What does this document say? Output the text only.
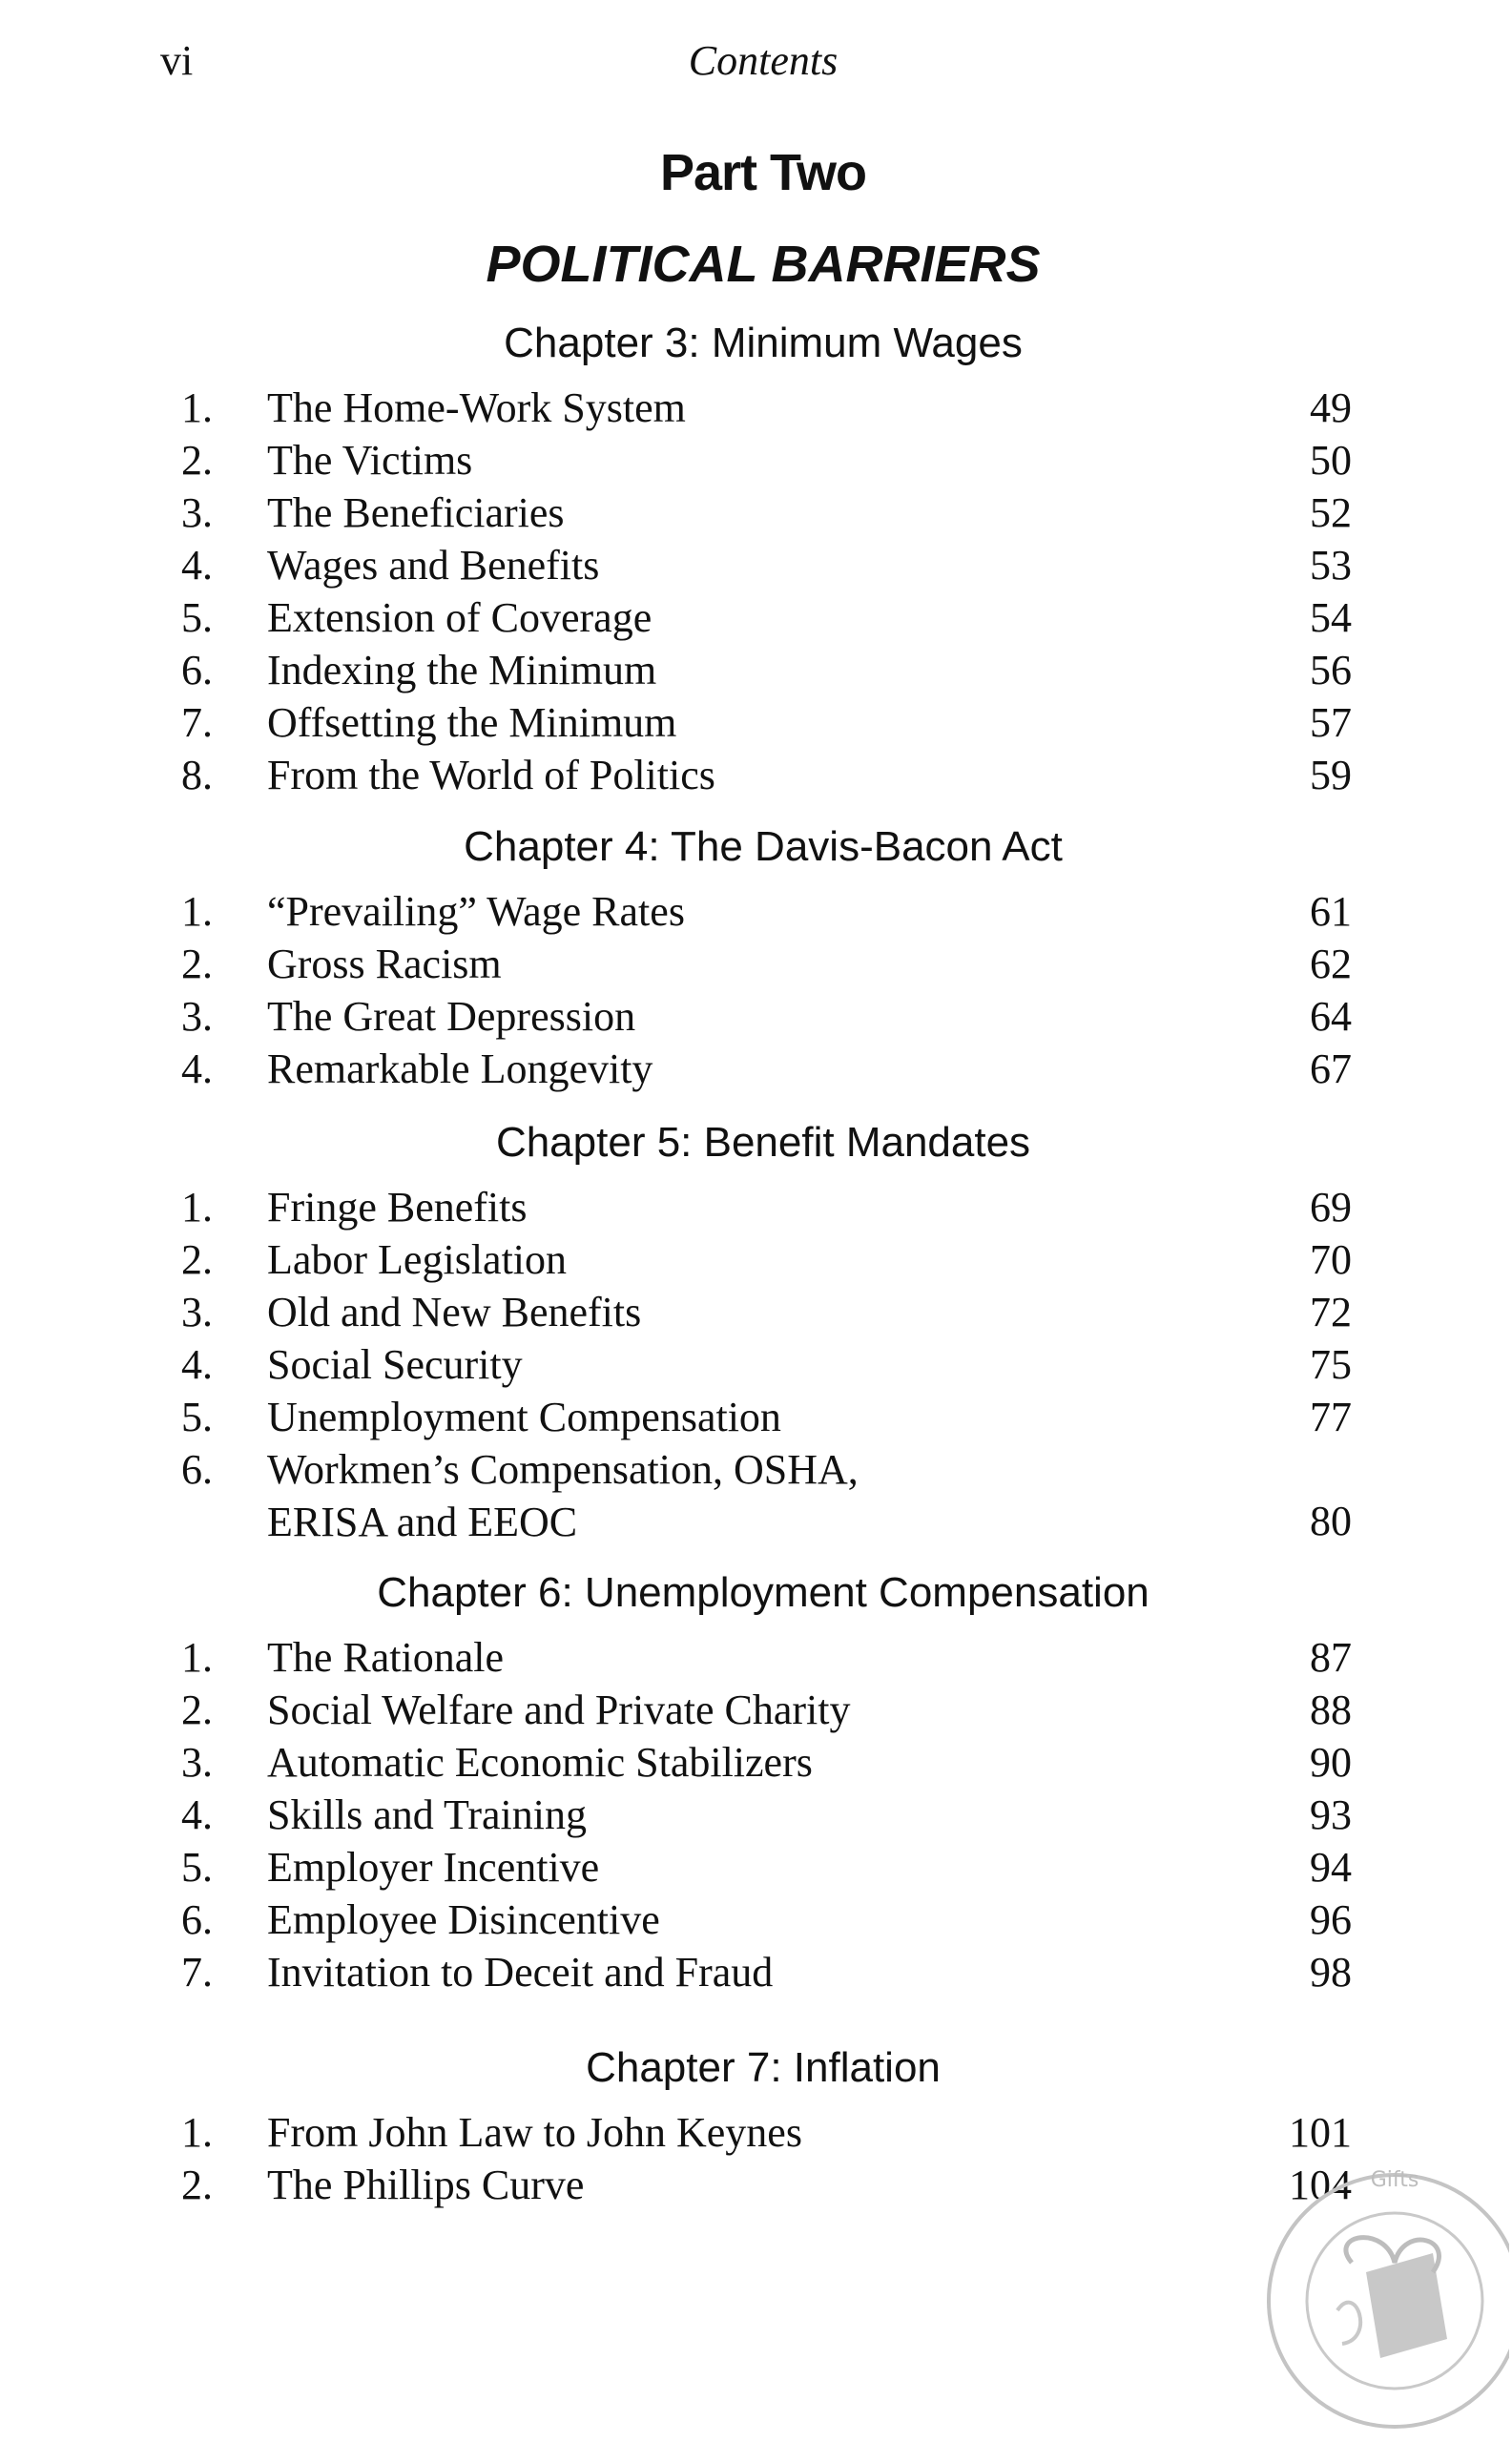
vi	Contents
Part Two
POLITICAL BARRIERS
Chapter 3: Minimum Wages
1. The Home-Work System	49
2. The Victims	50
3. The Beneficiaries	52
4. Wages and Benefits	53
5. Extension of Coverage	54
6. Indexing the Minimum	56
7. Offsetting the Minimum	57
8. From the World of Politics	59
Chapter 4: The Davis-Bacon Act
1. “Prevailing” Wage Rates	61
2. Gross Racism	62
3. The Great Depression	64
4. Remarkable Longevity	67
Chapter 5: Benefit Mandates
1. Fringe Benefits	69
2. Labor Legislation	70
3. Old and New Benefits	72
4. Social Security	75
5. Unemployment Compensation	77
6. Workmen’s Compensation, OSHA,
ERISA and EEOC	80
Chapter 6: Unemployment Compensation
1. The Rationale	87
2. Social Welfare and Private Charity	88
3. Automatic Economic Stabilizers	90
4. Skills and Training	93
5. Employer Incentive	94
6. Employee Disincentive	96
7. Invitation to Deceit and Fraud	98
Chapter 7: Inflation
1. From John Law to John Keynes	101
2. The Phillips Curve	104 Gifts
